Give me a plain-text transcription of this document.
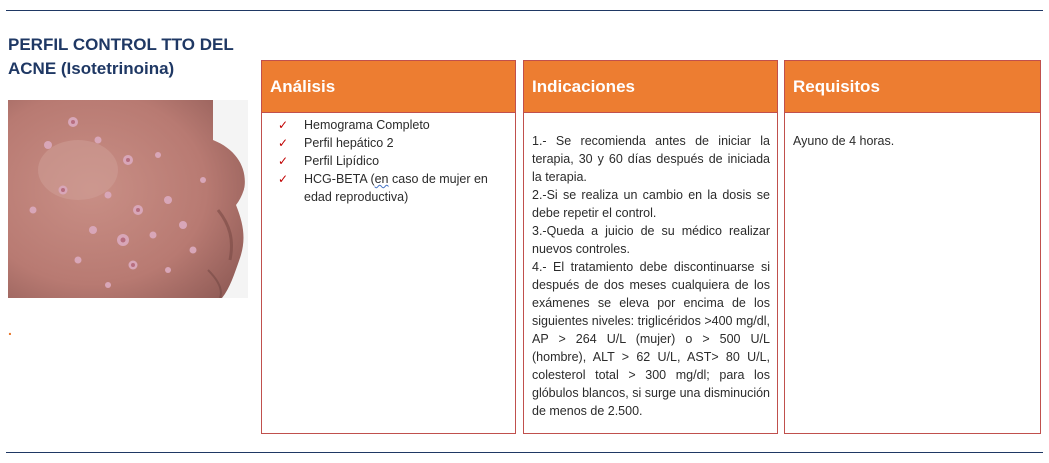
PERFIL CONTROL TTO DEL ACNE (Isotetrinoina)
.
Análisis
✓ Hemograma Completo
✓ Perfil hepático 2
✓ Perfil Lipídico
✓ HCG-BETA (en caso de mujer en edad reproductiva)
Indicaciones

1.- Se recomienda antes de iniciar la terapia, 30 y 60 días después de iniciada la terapia.

2.-Si se realiza un cambio en la dosis se debe repetir el control.

3.-Queda a juicio de su médico realizar nuevos controles.

4.- El tratamiento debe discontinuarse si después de dos meses cualquiera de los exámenes se eleva por encima de los siguientes niveles: triglicéridos >400 mg/dl, AP > 264 U/L (mujer) o > 500 U/L (hombre), ALT > 62 U/L, AST> 80 U/L, colesterol total > 300 mg/dl; para los glóbulos blancos, si surge una disminución de menos de 2.500.

Requisitos
Ayuno de 4 horas.
